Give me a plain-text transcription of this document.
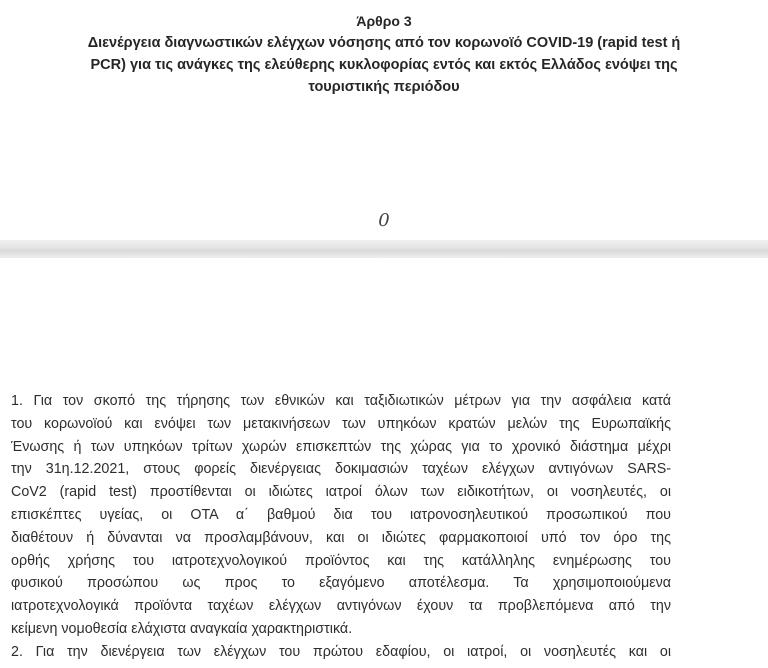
Άρθρο 3
Διενέργεια διαγνωστικών ελέγχων νόσησης από τον κορωνοϊό COVID-19 (rapid test ή
PCR) για τις ανάγκες της ελεύθερης κυκλοφορίας εντός και εκτός Ελλάδος ενόψει της
τουριστικής περιόδου
0
1. Για τον σκοπό της τήρησης των εθνικών και ταξιδιωτικών μέτρων για την ασφάλεια κατά
του κορωνοϊού και ενόψει των μετακινήσεων των υπηκόων κρατών μελών της Ευρωπαϊκής
Ένωσης ή των υπηκόων τρίτων χωρών επισκεπτών της χώρας για το χρονικό διάστημα μέχρι
την 31η.12.2021, στους φορείς διενέργειας δοκιμασιών ταχέων ελέγχων αντιγόνων SARS-
CoV2 (rapid test) προστίθενται οι ιδιώτες ιατροί όλων των ειδικοτήτων, οι νοσηλευτές, οι
επισκέπτες υγείας, οι ΟΤΑ α΄ βαθμού δια του ιατρονοσηλευτικού προσωπικού που
διαθέτουν ή δύνανται να προσλαμβάνουν, και οι ιδιώτες φαρμακοποιοί υπό τον όρο της
ορθής χρήσης του ιατροτεχνολογικού προϊόντος και της κατάλληλης ενημέρωσης του
φυσικού προσώπου ως προς το εξαγόμενο αποτέλεσμα. Τα χρησιμοποιούμενα
ιατροτεχνολογικά προϊόντα ταχέων ελέγχων αντιγόνων έχουν τα προβλεπόμενα από την
κείμενη νομοθεσία ελάχιστα αναγκαία χαρακτηριστικά.
2. Για την διενέργεια των ελέγχων του πρώτου εδαφίου, οι ιατροί, οι νοσηλευτές και οι
